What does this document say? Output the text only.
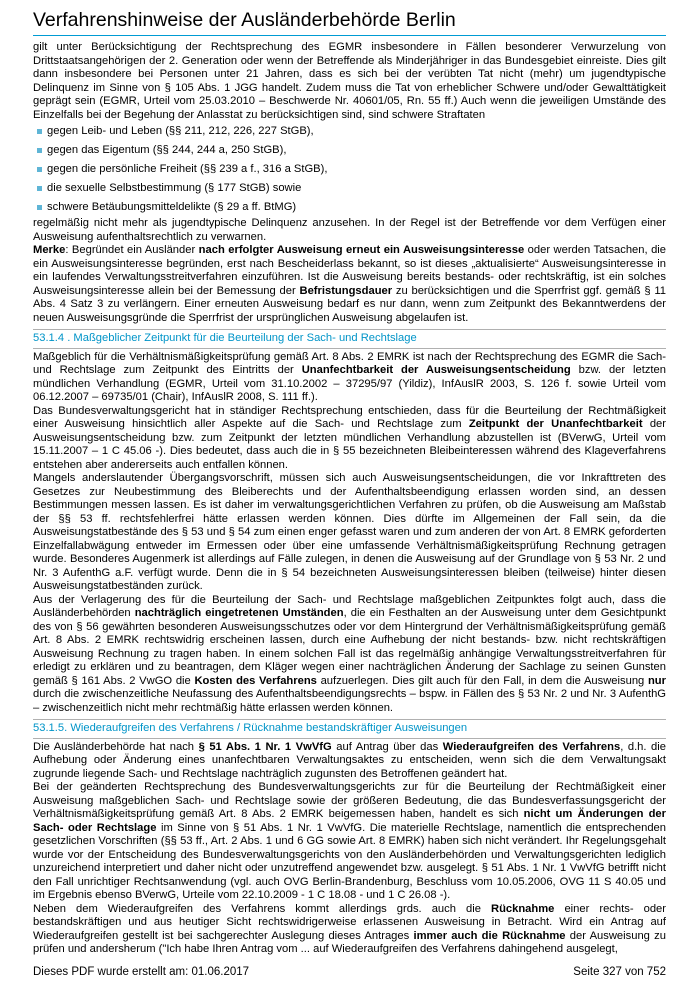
Verfahrenshinweise der Ausländerbehörde Berlin

gilt unter Berücksichtigung der Rechtsprechung des EGMR insbesondere in Fällen besonderer Verwurzelung von Drittstaatsangehörigen der 2. Generation oder wenn der Betreffende als Minderjähriger in das Bundesgebiet einreiste. Dies gilt dann insbesondere bei Personen unter 21 Jahren, dass es sich bei der verübten Tat nicht (mehr) um jugendtypische Delinquenz im Sinne von § 105 Abs. 1 JGG handelt. Zudem muss die Tat von erheblicher Schwere und/oder Gewalttätigkeit geprägt sein (EGMR, Urteil vom 25.03.2010 – Beschwerde Nr. 40601/05, Rn. 55 ff.) Auch wenn die jeweiligen Umstände des Einzelfalls bei der Begehung der Anlasstat zu berücksichtigen sind, sind schwere Straftaten

gegen Leib- und Leben (§§ 211, 212, 226, 227 StGB),
gegen das Eigentum (§§ 244, 244 a, 250 StGB),
gegen die persönliche Freiheit (§§ 239 a f., 316 a StGB),
die sexuelle Selbstbestimmung (§ 177 StGB) sowie
schwere Betäubungsmitteldelikte (§ 29 a ff. BtMG)

regelmäßig nicht mehr als jugendtypische Delinquenz anzusehen. In der Regel ist der Betreffende vor dem Verfügen einer Ausweisung aufenthaltsrechtlich zu verwarnen.

Merke: Begründet ein Ausländer nach erfolgter Ausweisung erneut ein Ausweisungsinteresse oder werden Tatsachen, die ein Ausweisungsinteresse begründen, erst nach Bescheiderlass bekannt, so ist dieses „aktualisierte“ Ausweisungsinteresse in ein laufendes Verwaltungsstreitverfahren einzuführen. Ist die Ausweisung bereits bestands- oder rechtskräftig, ist ein solches Ausweisungsinteresse allein bei der Bemessung der Befristungsdauer zu berücksichtigen und die Sperrfrist ggf. gemäß § 11 Abs. 4 Satz 3 zu verlängern. Einer erneuten Ausweisung bedarf es nur dann, wenn zum Zeitpunkt des Bekanntwerdens der neuen Ausweisungsgründe die Sperrfrist der ursprünglichen Ausweisung abgelaufen ist.

53.1.4 . Maßgeblicher Zeitpunkt für die Beurteilung der Sach- und Rechtslage

Maßgeblich für die Verhältnismäßigkeitsprüfung gemäß Art. 8 Abs. 2 EMRK ist nach der Rechtsprechung des EGMR die Sach- und Rechtslage zum Zeitpunkt des Eintritts der Unanfechtbarkeit der Ausweisungsentscheidung bzw. der letzten mündlichen Verhandlung (EGMR, Urteil vom 31.10.2002 – 37295/97 (Yildiz), InfAuslR 2003, S. 126 f. sowie Urteil vom 06.12.2007 – 69735/01 (Chair), InfAuslR 2008, S. 111 ff.).

Das Bundesverwaltungsgericht hat in ständiger Rechtsprechung entschieden, dass für die Beurteilung der Rechtmäßigkeit einer Ausweisung hinsichtlich aller Aspekte auf die Sach- und Rechtslage zum Zeitpunkt der Unanfechtbarkeit der Ausweisungsentscheidung bzw. zum Zeitpunkt der letzten mündlichen Verhandlung abzustellen ist (BVerwG, Urteil vom 15.11.2007 – 1 C 45.06 -). Dies bedeutet, dass auch die in § 55 bezeichneten Bleibeinteressen während des Klageverfahrens entstehen aber andererseits auch entfallen können.

Mangels anderslautender Übergangsvorschrift, müssen sich auch Ausweisungsentscheidungen, die vor Inkrafttreten des Gesetzes zur Neubestimmung des Bleiberechts und der Aufenthaltsbeendigung erlassen worden sind, an dessen Bestimmungen messen lassen. Es ist daher im verwaltungsgerichtlichen Verfahren zu prüfen, ob die Ausweisung am Maßstab der §§ 53 ff. rechtsfehlerfrei hätte erlassen werden können. Dies dürfte im Allgemeinen der Fall sein, da die Ausweisungstatbestände des § 53 und § 54 zum einen enger gefasst waren und zum anderen der von Art. 8 EMRK geforderten Einzelfallabwägung entweder im Ermessen oder über eine umfassende Verhältnismäßigkeitsprüfung Rechnung getragen wurde. Besonderes Augenmerk ist allerdings auf Fälle zulegen, in denen die Ausweisung auf der Grundlage von § 53 Nr. 2 und Nr. 3 AufenthG a.F. verfügt wurde. Denn die in § 54 bezeichneten Ausweisungsinteressen bleiben (teilweise) hinter diesen Ausweisungstatbeständen zurück.

Aus der Verlagerung des für die Beurteilung der Sach- und Rechtslage maßgeblichen Zeitpunktes folgt auch, dass die Ausländerbehörden nachträglich eingetretenen Umständen, die ein Festhalten an der Ausweisung unter dem Gesichtpunkt des von § 56 gewährten besonderen Ausweisungsschutzes oder vor dem Hintergrund der Verhältnismäßigkeitsprüfung gemäß Art. 8 Abs. 2 EMRK rechtswidrig erscheinen lassen, durch eine Aufhebung der nicht bestands- bzw. nicht rechtskräftigen Ausweisung Rechnung zu tragen haben. In einem solchen Fall ist das regelmäßig anhängige Verwaltungsstreitverfahren für erledigt zu erklären und zu beantragen, dem Kläger wegen einer nachträglichen Änderung der Sachlage zu seinen Gunsten gemäß § 161 Abs. 2 VwGO die Kosten des Verfahrens aufzuerlegen. Dies gilt auch für den Fall, in dem die Ausweisung nur durch die zwischenzeitliche Neufassung des Aufenthaltsbeendigungsrechts – bspw. in Fällen des § 53 Nr. 2 und Nr. 3 AufenthG – zwischenzeitlich nicht mehr rechtmäßig hätte erlassen werden können.

53.1.5. Wiederaufgreifen des Verfahrens / Rücknahme bestandskräftiger Ausweisungen

Die Ausländerbehörde hat nach § 51 Abs. 1 Nr. 1 VwVfG auf Antrag über das Wiederaufgreifen des Verfahrens, d.h. die Aufhebung oder Änderung eines unanfechtbaren Verwaltungsaktes zu entscheiden, wenn sich die dem Verwaltungsakt zugrunde liegende Sach- und Rechtslage nachträglich zugunsten des Betroffenen geändert hat.

Bei der geänderten Rechtsprechung des Bundesverwaltungsgerichts zur für die Beurteilung der Rechtmäßigkeit einer Ausweisung maßgeblichen Sach- und Rechtslage sowie der größeren Bedeutung, die das Bundesverfassungsgericht der Verhältnismäßigkeitsprüfung gemäß Art. 8 Abs. 2 EMRK beigemessen haben, handelt es sich nicht um Änderungen der Sach- oder Rechtslage im Sinne von § 51 Abs. 1 Nr. 1 VwVfG. Die materielle Rechtslage, namentlich die entsprechenden gesetzlichen Vorschriften (§§ 53 ff., Art. 2 Abs. 1 und 6 GG sowie Art. 8 EMRK) haben sich nicht verändert. Ihr Regelungsgehalt wurde vor der Entscheidung des Bundesverwaltungsgerichts von den Ausländerbehörden und Verwaltungsgerichten lediglich unzureichend interpretiert und daher nicht oder unzutreffend angewendet bzw. ausgelegt. § 51 Abs. 1 Nr. 1 VwVfG betrifft nicht den Fall unrichtiger Rechtsanwendung (vgl. auch OVG Berlin-Brandenburg, Beschluss vom 10.05.2006, OVG 11 S 40.05 und im Ergebnis ebenso BVerwG, Urteile vom 22.10.2009 - 1 C 18.08 - und 1 C 26.08 -).

Neben dem Wiederaufgreifen des Verfahrens kommt allerdings grds. auch die Rücknahme einer rechts- oder bestandskräftigen und aus heutiger Sicht rechtswidrigerweise erlassenen Ausweisung in Betracht. Wird ein Antrag auf Wiederaufgreifen gestellt ist bei sachgerechter Auslegung dieses Antrages immer auch die Rücknahme der Ausweisung zu prüfen und andersherum ("Ich habe Ihren Antrag vom ... auf Wiederaufgreifen des Verfahrens dahingehend ausgelegt,

Dieses PDF wurde erstellt am: 01.06.2017	Seite 327 von 752
